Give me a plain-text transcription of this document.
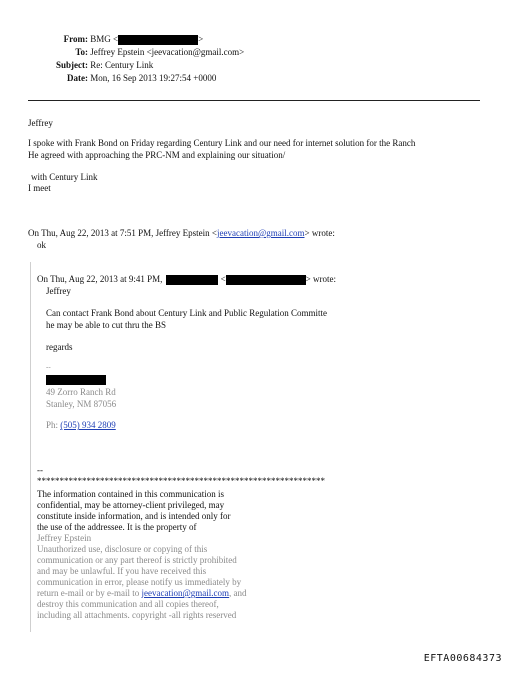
From: BMG <	>
To: Jeffrey Epstein <jeevacation@gmail.com>
Subject: Re: Century Link
Date: Mon, 16 Sep 2013 19:27:54 +0000
Jeffrey
I spoke with Frank Bond on Friday regarding Century Link and our need for internet solution for the Ranch
He agreed with approaching the PRC-NM and explaining our situation/
with Century Link
I meet
On Thu, Aug 22, 2013 at 7:51 PM, Jeffrey Epstein <jeevacation@gmail.com> wrote:
ok
On Thu, Aug 22, 2013 at 9:41 PM,	<	> wrote:
Jeffrey
Can contact Frank Bond about Century Link and Public Regulation Committe
he may be able to cut thru the BS
regards
--
49 Zorro Ranch Rd
Stanley, NM 87056
Ph: (505) 934 2809
--
****************************************************************
The information contained in this communication is
confidential, may be attorney-client privileged, may
constitute inside information, and is intended only for
the use of the addressee. It is the property of
Jeffrey Epstein
Unauthorized use, disclosure or copying of this
communication or any part thereof is strictly prohibited
and may be unlawful. If you have received this
communication in error, please notify us immediately by
return e-mail or by e-mail to jeevacation@gmail.com, and
destroy this communication and all copies thereof,
including all attachments. copyright -all rights reserved
EFTA00684373
